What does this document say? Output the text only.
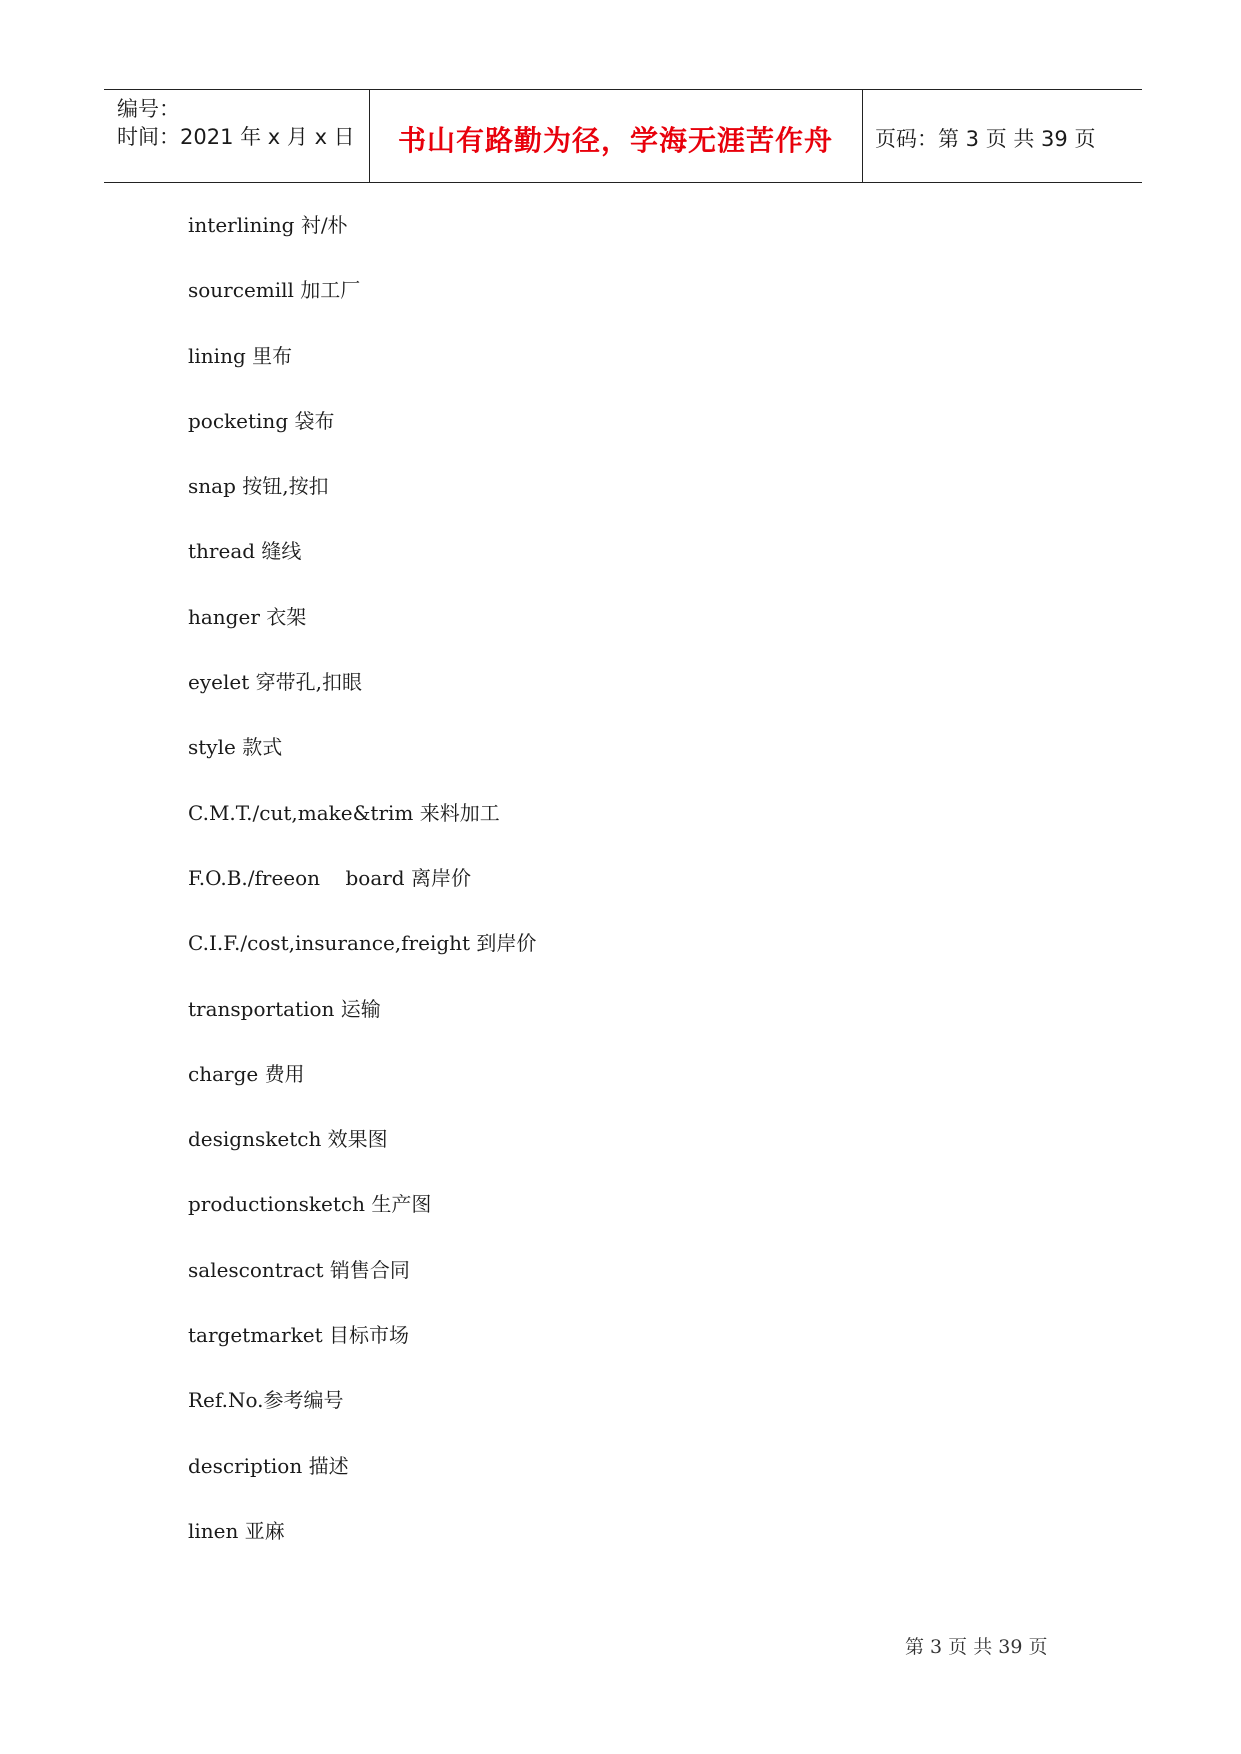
编号：
时间：2021 年 x 月 x 日	书山有路勤为径，学海无涯苦作舟	页码：第 3 页 共 39 页
interlining 衬/朴
sourcemill 加工厂
lining 里布
pocketing 袋布
snap 按钮,按扣
thread 缝线
hanger 衣架
eyelet 穿带孔,扣眼
style 款式
C.M.T./cut,make&trim 来料加工
F.O.B./freeon    board 离岸价
C.I.F./cost,insurance,freight 到岸价
transportation 运输
charge 费用
designsketch 效果图
productionsketch 生产图
salescontract 销售合同
targetmarket 目标市场
Ref.No.参考编号
description 描述
linen 亚麻
第 3 页 共 39 页
